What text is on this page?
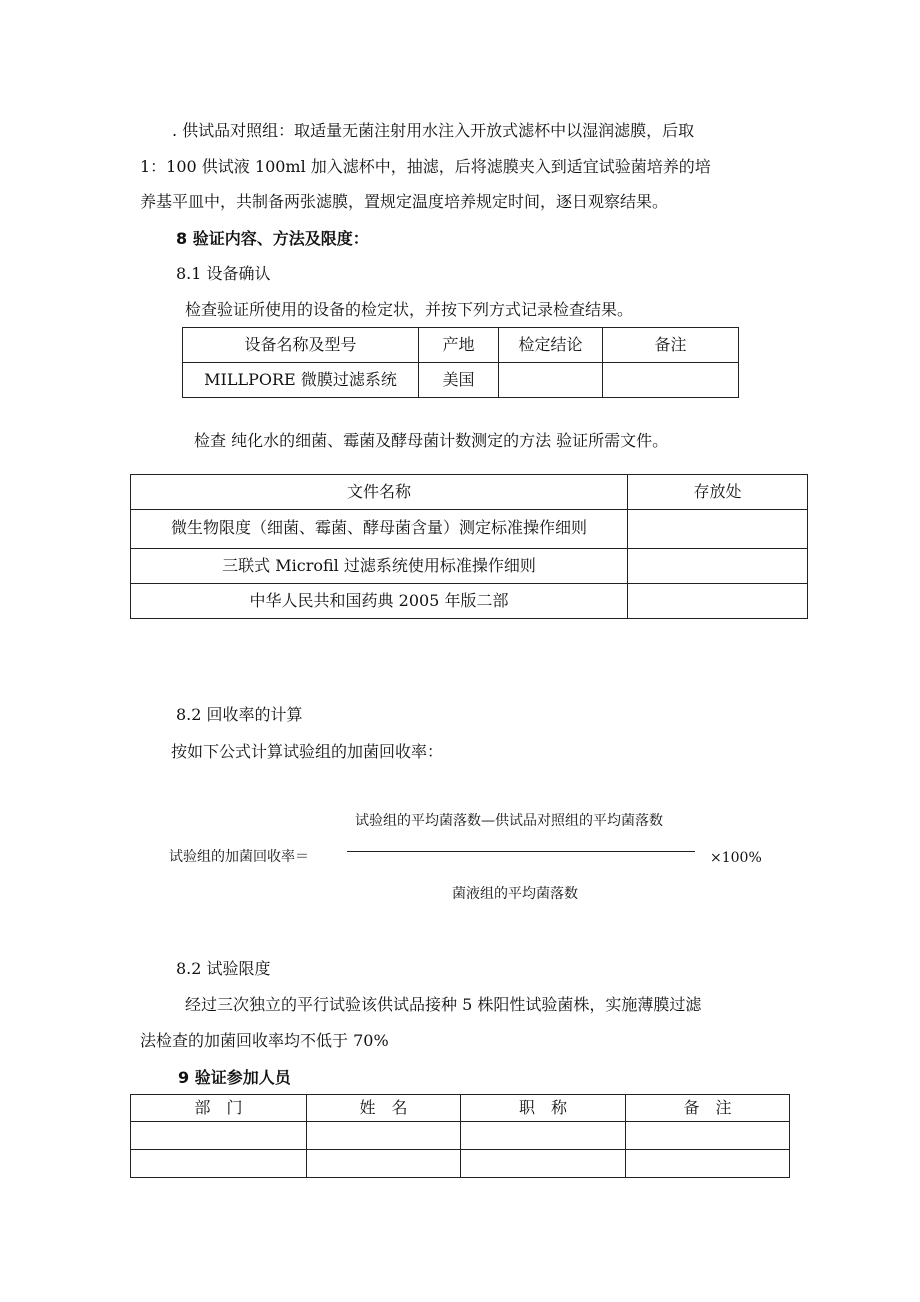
. 供试品对照组：取适量无菌注射用水注入开放式滤杯中以湿润滤膜，后取

1：100 供试液 100ml 加入滤杯中，抽滤，后将滤膜夹入到适宜试验菌培养的培

养基平皿中，共制备两张滤膜，置规定温度培养规定时间，逐日观察结果。

8 验证内容、方法及限度：

8.1 设备确认

检查验证所使用的设备的检定状，并按下列方式记录检查结果。

设备名称及型号	产地	检定结论	备注
MILLPORE 微膜过滤系统	美国		

检查 纯化水的细菌、霉菌及酵母菌计数测定的方法 验证所需文件。

文件名称	存放处
微生物限度（细菌、霉菌、酵母菌含量）测定标准操作细则	
三联式 Microfil 过滤系统使用标准操作细则	
中华人民共和国药典 2005 年版二部	

8.2 回收率的计算

按如下公式计算试验组的加菌回收率：

试验组的平均菌落数—供试品对照组的平均菌落数
试验组的加菌回收率＝	×100%
菌液组的平均菌落数

8.2 试验限度

经过三次独立的平行试验该供试品接种 5 株阳性试验菌株，实施薄膜过滤

法检查的加菌回收率均不低于 70%

9 验证参加人员

部　门	姓　名	职　称	备　注
